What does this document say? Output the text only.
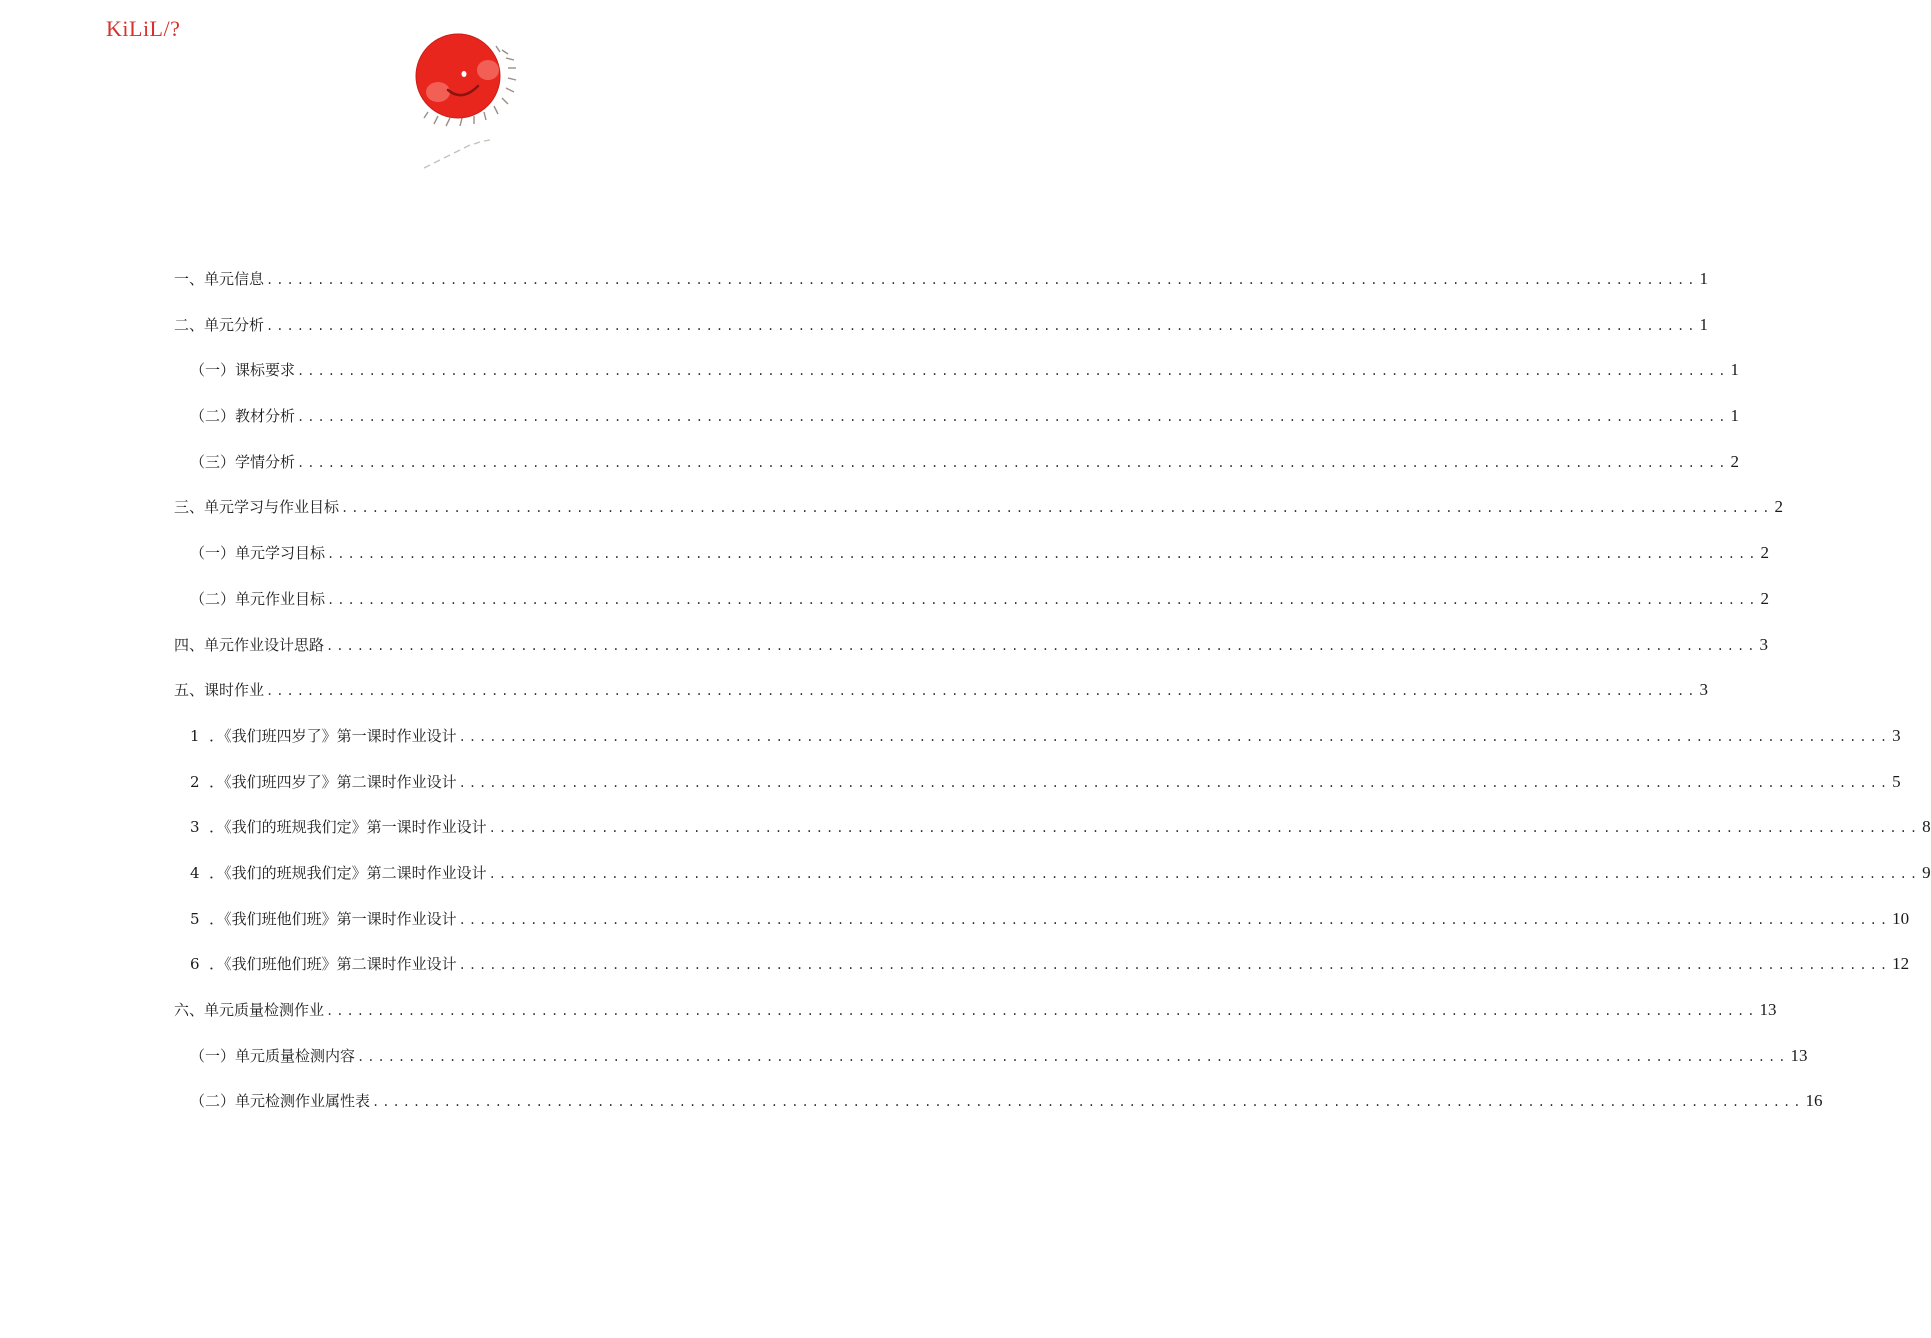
KiLiL/?
一、单元信息 ............................................................................................................................................ 1
二、单元分析 ............................................................................................................................................ 1
（一）课标要求 ............................................................................................................................................ 1
（二）教材分析 ............................................................................................................................................ 1
（三）学情分析 ............................................................................................................................................ 2
三、单元学习与作业目标 ............................................................................................................................................ 2
（一）单元学习目标 ............................................................................................................................................ 2
（二）单元作业目标 ............................................................................................................................................ 2
四、单元作业设计思路 ............................................................................................................................................ 3
五、课时作业 ............................................................................................................................................ 3
1 ．《我们班四岁了》第一课时作业设计 ............................................................................................................................................ 3
2 ．《我们班四岁了》第二课时作业设计 ............................................................................................................................................ 5
3 ．《我们的班规我们定》第一课时作业设计 ............................................................................................................................................ 8
4 ．《我们的班规我们定》第二课时作业设计 ............................................................................................................................................ 9
5 ．《我们班他们班》第一课时作业设计 ............................................................................................................................................ 10
6 ．《我们班他们班》第二课时作业设计 ............................................................................................................................................ 12
六、单元质量检测作业 ............................................................................................................................................ 13
（一）单元质量检测内容 ............................................................................................................................................ 13
（二）单元检测作业属性表 ............................................................................................................................................ 16
